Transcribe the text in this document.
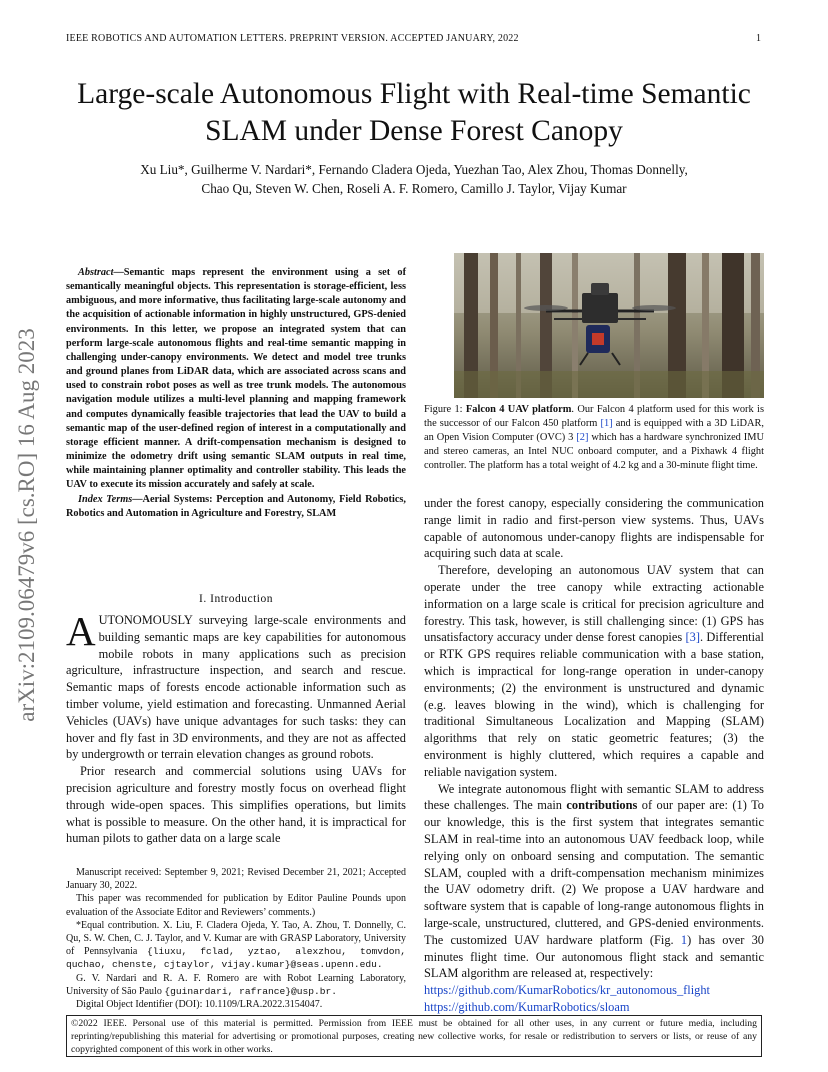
IEEE ROBOTICS AND AUTOMATION LETTERS. PREPRINT VERSION. ACCEPTED JANUARY, 2022	1
Large-scale Autonomous Flight with Real-time Semantic SLAM under Dense Forest Canopy
Xu Liu*, Guilherme V. Nardari*, Fernando Cladera Ojeda, Yuezhan Tao, Alex Zhou, Thomas Donnelly,
Chao Qu, Steven W. Chen, Roseli A. F. Romero, Camillo J. Taylor, Vijay Kumar
arXiv:2109.06479v6 [cs.RO] 16 Aug 2023

Abstract—Semantic maps represent the environment using a set of semantically meaningful objects. This representation is storage-efficient, less ambiguous, and more informative, thus facilitating large-scale autonomy and the acquisition of actionable information in highly unstructured, GPS-denied environments. In this letter, we propose an integrated system that can perform large-scale autonomous flights and real-time semantic mapping in challenging under-canopy environments. We detect and model tree trunks and ground planes from LiDAR data, which are associated across scans and used to constrain robot poses as well as tree trunk models. The autonomous navigation module utilizes a multi-level planning and mapping framework and computes dynamically feasible trajectories that lead the UAV to build a semantic map of the user-defined region of interest in a computationally and storage efficient manner. A drift-compensation mechanism is designed to minimize the odometry drift using semantic SLAM outputs in real time, while maintaining planner optimality and controller stability. This leads the UAV to execute its mission accurately and safely at scale.

Index Terms—Aerial Systems: Perception and Autonomy, Field Robotics, Robotics and Automation in Agriculture and Forestry, SLAM

I. Introduction

AUTONOMOUSLY surveying large-scale environments and building semantic maps are key capabilities for autonomous mobile robots in many applications such as precision agriculture, infrastructure inspection, and search and rescue. Semantic maps of forests encode actionable information such as timber volume, yield estimation and forecasting. Unmanned Aerial Vehicles (UAVs) have unique advantages for such tasks: they can hover and fly fast in 3D environments, and they are not as affected by undergrowth or terrain elevation changes as ground robots.

Prior research and commercial solutions using UAVs for precision agriculture and forestry mostly focus on overhead flight through wide-open spaces. This simplifies operations, but limits what is possible to measure. On the other hand, it is impractical for human pilots to gather data on a large scale

Manuscript received: September 9, 2021; Revised December 21, 2021; Accepted January 30, 2022.

This paper was recommended for publication by Editor Pauline Pounds upon evaluation of the Associate Editor and Reviewers’ comments.)

*Equal contribution. X. Liu, F. Cladera Ojeda, Y. Tao, A. Zhou, T. Donnelly, C. Qu, S. W. Chen, C. J. Taylor, and V. Kumar are with GRASP Laboratory, University of Pennsylvania {liuxu, fclad, yztao, alexzhou, tomvdon, quchao, chenste, cjtaylor, vijay.kumar}@seas.upenn.edu.

G. V. Nardari and R. A. F. Romero are with Robot Learning Laboratory, University of São Paulo {guinardari, rafrance}@usp.br.

Digital Object Identifier (DOI): 10.1109/LRA.2022.3154047.

Figure 1: Falcon 4 UAV platform. Our Falcon 4 platform used for this work is the successor of our Falcon 450 platform [1] and is equipped with a 3D LiDAR, an Open Vision Computer (OVC) 3 [2] which has a hardware synchronized IMU and stereo cameras, an Intel NUC onboard computer, and a Pixhawk 4 flight controller. The platform has a total weight of 4.2 kg and a 30-minute flight time.

under the forest canopy, especially considering the communication range limit in radio and first-person view systems. Thus, UAVs capable of autonomous under-canopy flights are indispensable for acquiring such data at scale.

Therefore, developing an autonomous UAV system that can operate under the tree canopy while extracting actionable information on a large scale is critical for precision agriculture and forestry. This task, however, is still challenging since: (1) GPS has unsatisfactory accuracy under dense forest canopies [3]. Differential or RTK GPS requires reliable communication with a base station, which is impractical for long-range operation in under-canopy environments; (2) the environment is unstructured and dynamic (e.g. leaves blowing in the wind), which is challenging for traditional Simultaneous Localization and Mapping (SLAM) algorithms that rely on static geometric features; (3) the environment is highly cluttered, which requires a capable and reliable navigation system.

We integrate autonomous flight with semantic SLAM to address these challenges. The main contributions of our paper are: (1) To our knowledge, this is the first system that integrates semantic SLAM in real-time into an autonomous UAV feedback loop, while relying only on onboard sensing and computation. The semantic SLAM, coupled with a drift-compensation mechanism minimizes the UAV odometry drift. (2) We propose a UAV hardware and software system that is capable of long-range autonomous flights in large-scale, unstructured, cluttered, and GPS-denied environments. The customized UAV hardware platform (Fig. 1) has over 30 minutes flight time. Our autonomous flight stack and semantic SLAM algorithm are released at, respectively:

https://github.com/KumarRobotics/kr_autonomous_flight
https://github.com/KumarRobotics/sloam
©2022 IEEE. Personal use of this material is permitted. Permission from IEEE must be obtained for all other uses, in any current or future media, including reprinting/republishing this material for advertising or promotional purposes, creating new collective works, for resale or redistribution to servers or lists, or reuse of any copyrighted component of this work in other works.
